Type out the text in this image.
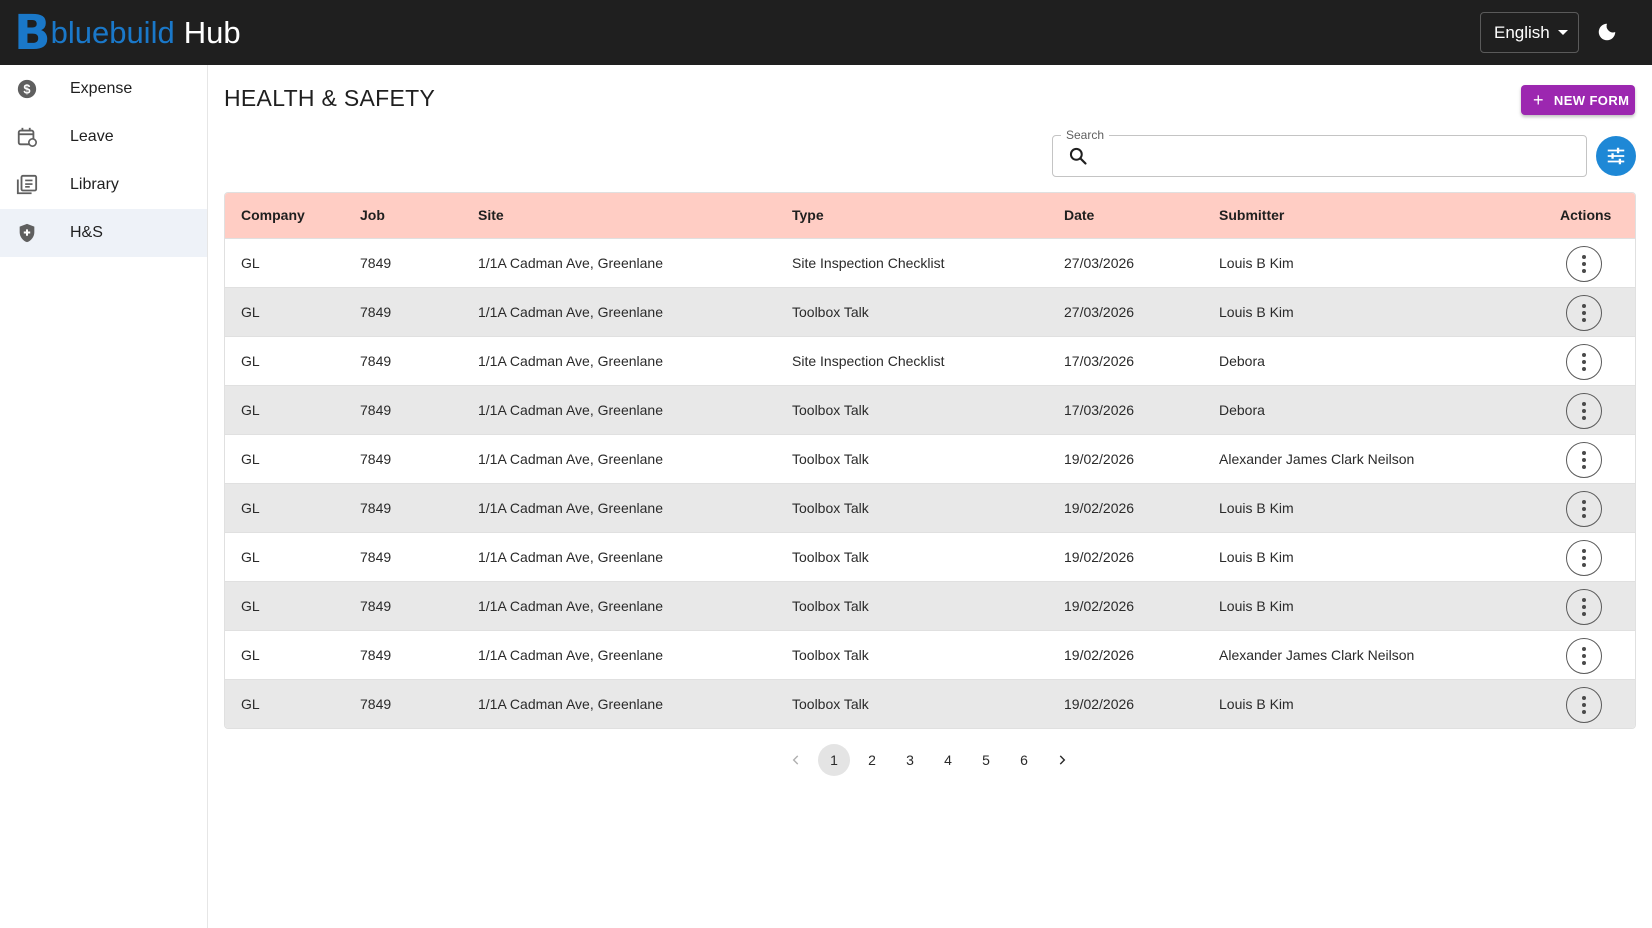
B bluebuild Hub	English
$ Expense
Leave
Library
H&S
HEALTH & SAFETY	+ NEW FORM
Search
Company	Job	Site	Type	Date	Submitter	Actions
GL	7849	1/1A Cadman Ave, Greenlane	Site Inspection Checklist	27/03/2026	Louis B Kim
GL	7849	1/1A Cadman Ave, Greenlane	Toolbox Talk	27/03/2026	Louis B Kim
GL	7849	1/1A Cadman Ave, Greenlane	Site Inspection Checklist	17/03/2026	Debora
GL	7849	1/1A Cadman Ave, Greenlane	Toolbox Talk	17/03/2026	Debora
GL	7849	1/1A Cadman Ave, Greenlane	Toolbox Talk	19/02/2026	Alexander James Clark Neilson
GL	7849	1/1A Cadman Ave, Greenlane	Toolbox Talk	19/02/2026	Louis B Kim
GL	7849	1/1A Cadman Ave, Greenlane	Toolbox Talk	19/02/2026	Louis B Kim
GL	7849	1/1A Cadman Ave, Greenlane	Toolbox Talk	19/02/2026	Louis B Kim
GL	7849	1/1A Cadman Ave, Greenlane	Toolbox Talk	19/02/2026	Alexander James Clark Neilson
GL	7849	1/1A Cadman Ave, Greenlane	Toolbox Talk	19/02/2026	Louis B Kim
1	2	3	4	5	6
